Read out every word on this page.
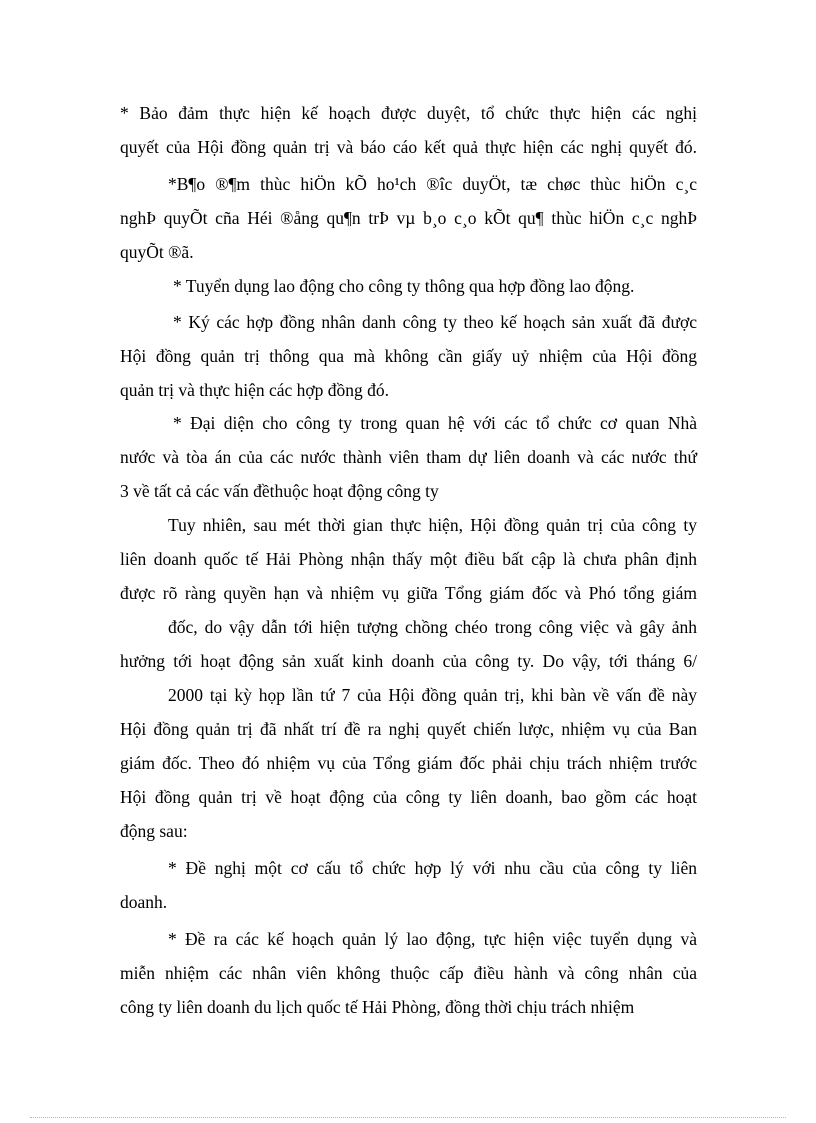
* Bảo đảm thực hiện kế hoạch được duyệt, tổ chức thực hiện các nghị
quyết của Hội đồng quản trị và báo cáo kết quả thực hiện các nghị quyết đó.
*B¶o ®¶m thùc hiÖn kÕ ho¹ch ®îc duyÖt, tæ chøc thùc hiÖn c¸c
nghÞ quyÕt cña Héi ®ång qu¶n trÞ vµ b¸o c¸o kÕt qu¶ thùc hiÖn c¸c nghÞ
quyÕt ®ã.
* Tuyển dụng lao động cho công ty thông qua hợp đồng lao động.
* Ký các hợp đồng nhân danh công ty theo kế hoạch sản xuất đã được
Hội đồng quản trị thông qua mà không cần giấy uỷ nhiệm của Hội đồng
quản trị và thực hiện các hợp đồng đó.
* Đại diện cho công ty trong quan hệ với các tổ chức cơ quan Nhà
nước và tòa án của các nước thành viên tham dự liên doanh và các nước thứ
3 về tất cả các vấn đềthuộc hoạt động công ty
Tuy nhiên, sau mét thời gian thực hiện, Hội đồng quản trị của công ty
liên doanh quốc tế Hải Phòng nhận thấy một điều bất cập là chưa phân định
được rõ ràng quyền hạn và nhiệm vụ giữa Tổng giám đốc và Phó tổng giám
đốc, do vậy dẫn tới hiện tượng chồng chéo trong công việc và gây ảnh
hưởng tới hoạt động sản xuất kinh doanh của công ty. Do vậy, tới tháng 6/
2000 tại kỳ họp lần tứ 7 của Hội đồng quản trị, khi bàn về vấn đề này
Hội đồng quản trị đã nhất trí đề ra nghị quyết chiến lược, nhiệm vụ của Ban
giám đốc. Theo đó nhiệm vụ của Tổng giám đốc phải chịu trách nhiệm trước
Hội đồng quản trị về hoạt động của công ty liên doanh, bao gồm các hoạt
động sau:
* Đề nghị một cơ cấu tổ chức hợp lý với nhu cầu của công ty liên
doanh.
* Đề ra các kế hoạch quản lý lao động, tực hiện việc tuyển dụng và
miễn nhiệm các nhân viên không thuộc cấp điều hành và công nhân của
công ty liên doanh du lịch quốc tế Hải Phòng, đồng thời chịu trách nhiệm
